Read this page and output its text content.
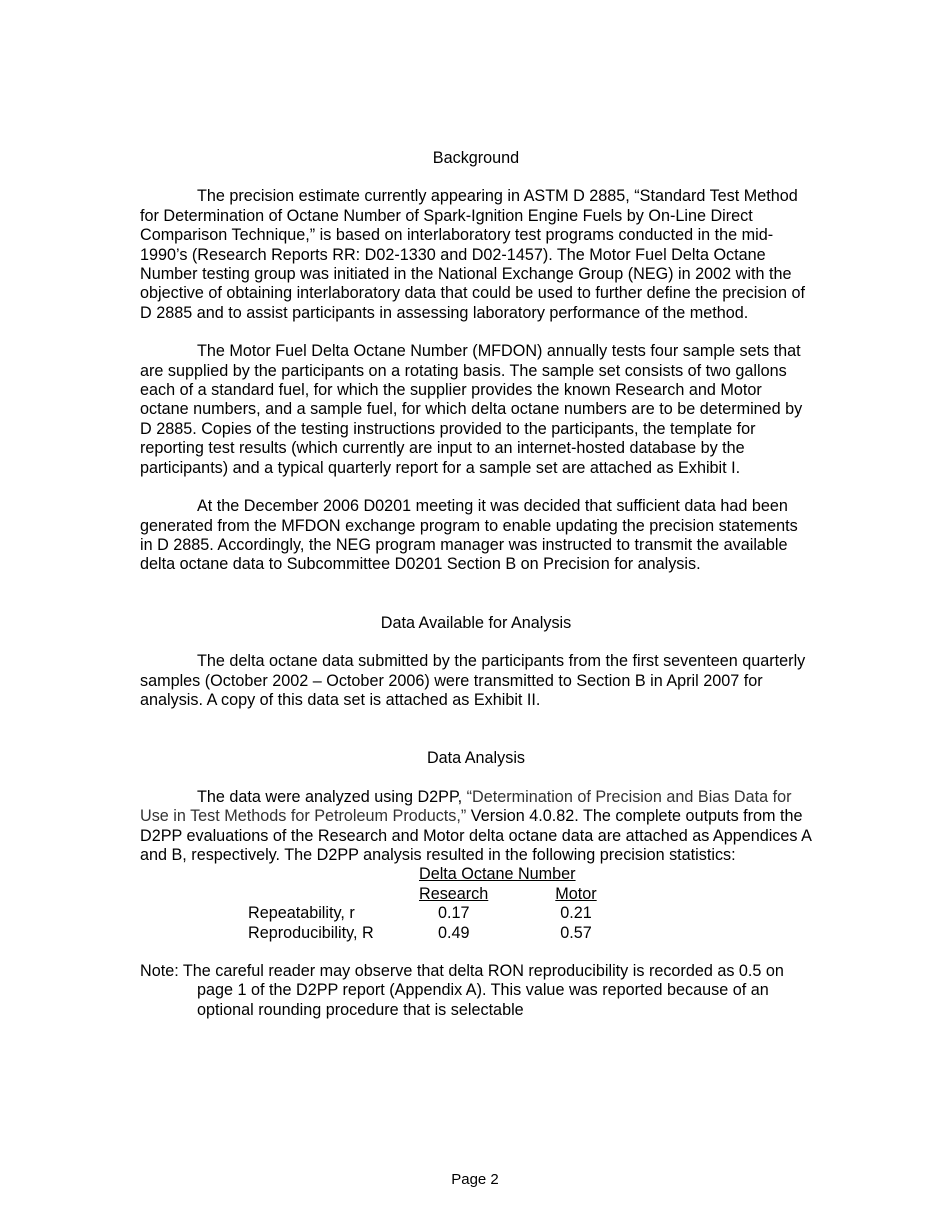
Background

The precision estimate currently appearing in ASTM D 2885, “Standard Test Method for Determination of Octane Number of Spark-Ignition Engine Fuels by On-Line Direct Comparison Technique,” is based on interlaboratory test programs conducted in the mid-1990’s (Research Reports RR: D02-1330 and D02-1457). The Motor Fuel Delta Octane Number testing group was initiated in the National Exchange Group (NEG) in 2002 with the objective of obtaining interlaboratory data that could be used to further define the precision of D 2885 and to assist participants in assessing laboratory performance of the method.

The Motor Fuel Delta Octane Number (MFDON) annually tests four sample sets that are supplied by the participants on a rotating basis. The sample set consists of two gallons each of a standard fuel, for which the supplier provides the known Research and Motor octane numbers, and a sample fuel, for which delta octane numbers are to be determined by D 2885. Copies of the testing instructions provided to the participants, the template for reporting test results (which currently are input to an internet-hosted database by the participants) and a typical quarterly report for a sample set are attached as Exhibit I.

At the December 2006 D0201 meeting it was decided that sufficient data had been generated from the MFDON exchange program to enable updating the precision statements in D 2885. Accordingly, the NEG program manager was instructed to transmit the available delta octane data to Subcommittee D0201 Section B on Precision for analysis.

Data Available for Analysis

The delta octane data submitted by the participants from the first seventeen quarterly samples (October 2002 – October 2006) were transmitted to Section B in April 2007 for analysis. A copy of this data set is attached as Exhibit II.

Data Analysis

The data were analyzed using D2PP, “Determination of Precision and Bias Data for Use in Test Methods for Petroleum Products,” Version 4.0.82. The complete outputs from the D2PP evaluations of the Research and Motor delta octane data are attached as Appendices A and B, respectively. The D2PP analysis resulted in the following precision statistics:

	Delta Octane Number	
	Research	Motor
Repeatability, r	0.17	0.21
Reproducibility, R	0.49	0.57

Note: The careful reader may observe that delta RON reproducibility is recorded as 0.5 on page 1 of the D2PP report (Appendix A). This value was reported because of an optional rounding procedure that is selectable

Page 2
